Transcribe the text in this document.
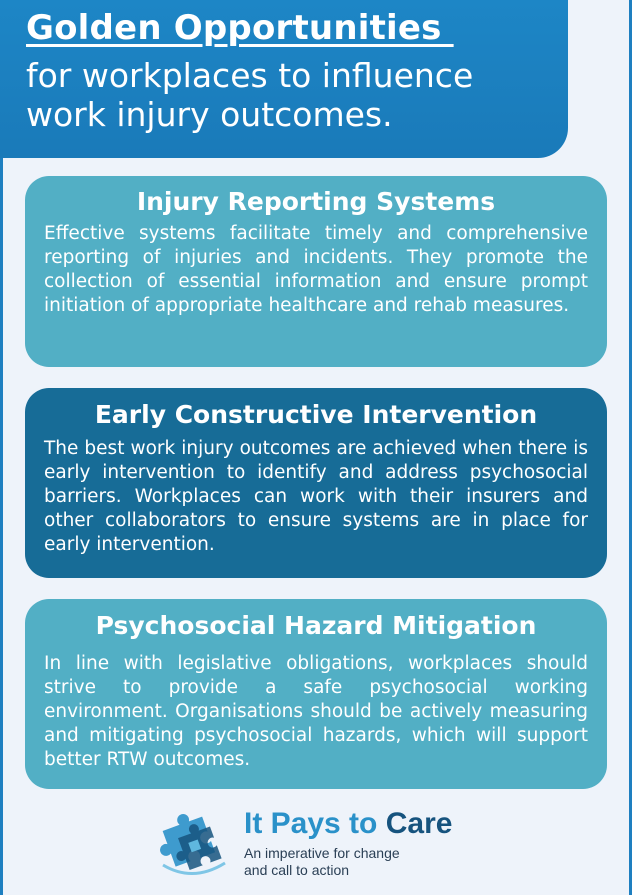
Golden Opportunities
for workplaces to influence work injury outcomes.
Injury Reporting Systems
Effective systems facilitate timely and comprehensive reporting of injuries and incidents. They promote the collection of essential information and ensure prompt initiation of appropriate healthcare and rehab measures.
Early Constructive Intervention
The best work injury outcomes are achieved when there is early intervention to identify and address psychosocial barriers. Workplaces can work with their insurers and other collaborators to ensure systems are in place for early intervention.
Psychosocial Hazard Mitigation
In line with legislative obligations, workplaces should strive to provide a safe psychosocial working environment. Organisations should be actively measuring and mitigating psychosocial hazards, which will support better RTW outcomes.
It Pays to Care
An imperative for change
and call to action
